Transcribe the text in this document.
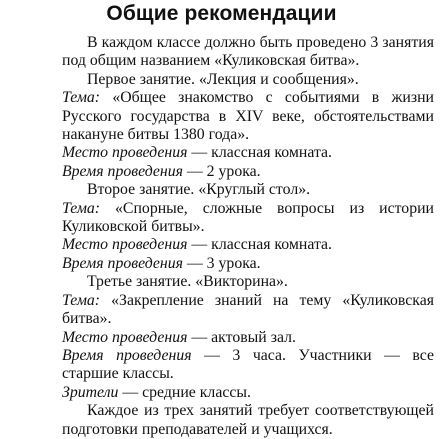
Общие рекомендации

В каждом классе должно быть проведено 3 занятия под общим названием «Куликовская битва».

Первое занятие. «Лекция и сообщения».

Тема: «Общее знакомство с событиями в жизни Русского государства в XIV веке, обстоятельствами накануне битвы 1380 года».

Место проведения — классная комната.

Время проведения — 2 урока.

Второе занятие. «Круглый стол».

Тема: «Спорные, сложные вопросы из истории Куликовской битвы».

Место проведения — классная комната.

Время проведения — 3 урока.

Третье занятие. «Викторина».

Тема: «Закрепление знаний на тему «Куликовская битва».

Место проведения — актовый зал.

Время проведения — 3 часа. Участники — все старшие классы.

Зрители — средние классы.

Каждое из трех занятий требует соответствующей подготовки преподавателей и учащихся.
